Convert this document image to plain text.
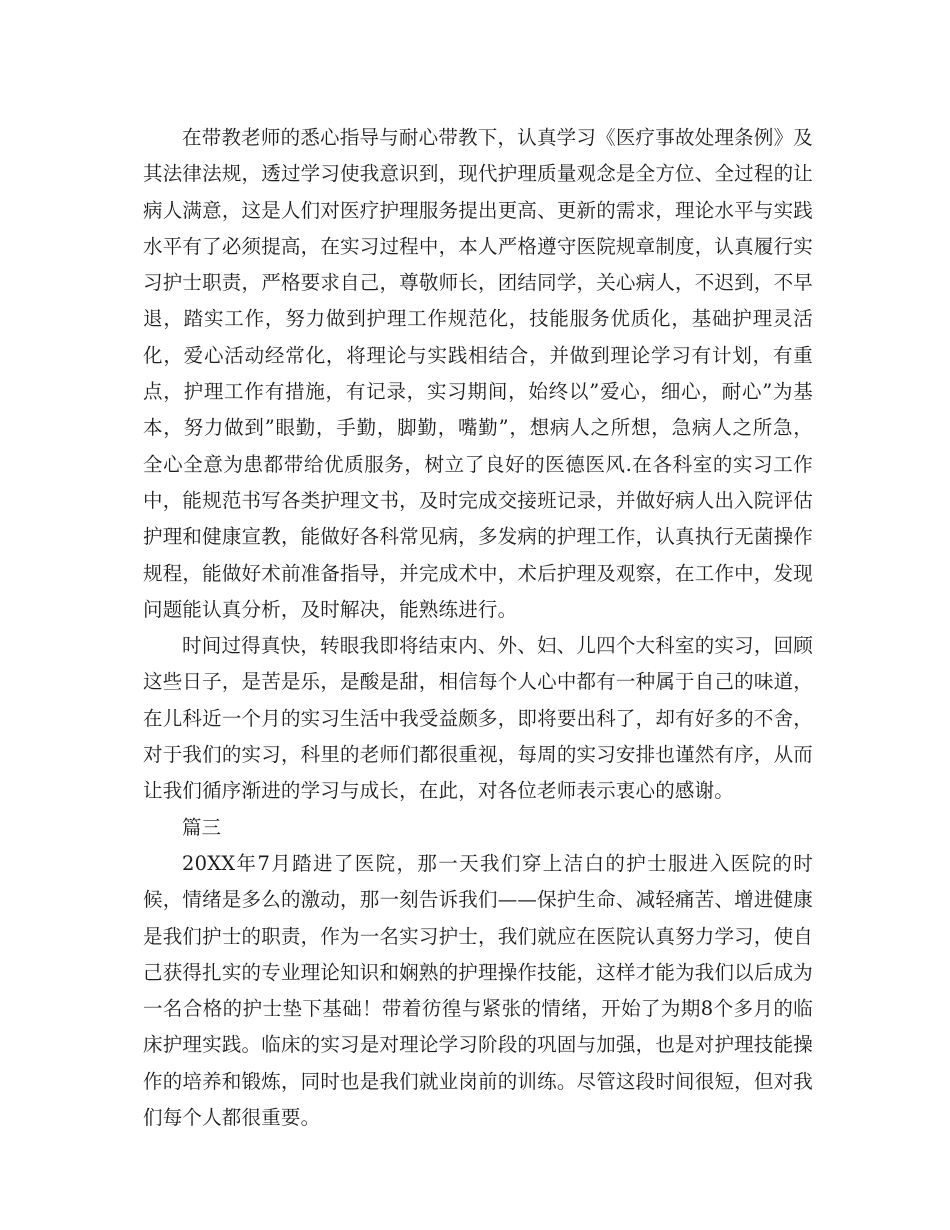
在带教老师的悉心指导与耐心带教下，认真学习《医疗事故处理条例》及其法律法规，透过学习使我意识到，现代护理质量观念是全方位、全过程的让病人满意，这是人们对医疗护理服务提出更高、更新的需求，理论水平与实践水平有了必须提高，在实习过程中，本人严格遵守医院规章制度，认真履行实习护士职责，严格要求自己，尊敬师长，团结同学，关心病人，不迟到，不早退，踏实工作，努力做到护理工作规范化，技能服务优质化，基础护理灵活化，爱心活动经常化，将理论与实践相结合，并做到理论学习有计划，有重点，护理工作有措施，有记录，实习期间，始终以”爱心，细心，耐心”为基本，努力做到”眼勤，手勤，脚勤，嘴勤”，想病人之所想，急病人之所急，全心全意为患都带给优质服务，树立了良好的医德医风.在各科室的实习工作中，能规范书写各类护理文书，及时完成交接班记录，并做好病人出入院评估护理和健康宣教，能做好各科常见病，多发病的护理工作，认真执行无菌操作规程，能做好术前准备指导，并完成术中，术后护理及观察，在工作中，发现问题能认真分析，及时解决，能熟练进行。

时间过得真快，转眼我即将结束内、外、妇、儿四个大科室的实习，回顾这些日子，是苦是乐，是酸是甜，相信每个人心中都有一种属于自己的味道，在儿科近一个月的实习生活中我受益颇多，即将要出科了，却有好多的不舍，对于我们的实习，科里的老师们都很重视，每周的实习安排也谨然有序，从而让我们循序渐进的学习与成长，在此，对各位老师表示衷心的感谢。

篇三

20XX年7月踏进了医院，那一天我们穿上洁白的护士服进入医院的时候，情绪是多么的激动，那一刻告诉我们——保护生命、减轻痛苦、增进健康是我们护士的职责，作为一名实习护士，我们就应在医院认真努力学习，使自己获得扎实的专业理论知识和娴熟的护理操作技能，这样才能为我们以后成为一名合格的护士垫下基础！带着彷徨与紧张的情绪，开始了为期8个多月的临床护理实践。临床的实习是对理论学习阶段的巩固与加强，也是对护理技能操作的培养和锻炼，同时也是我们就业岗前的训练。尽管这段时间很短，但对我们每个人都很重要。
